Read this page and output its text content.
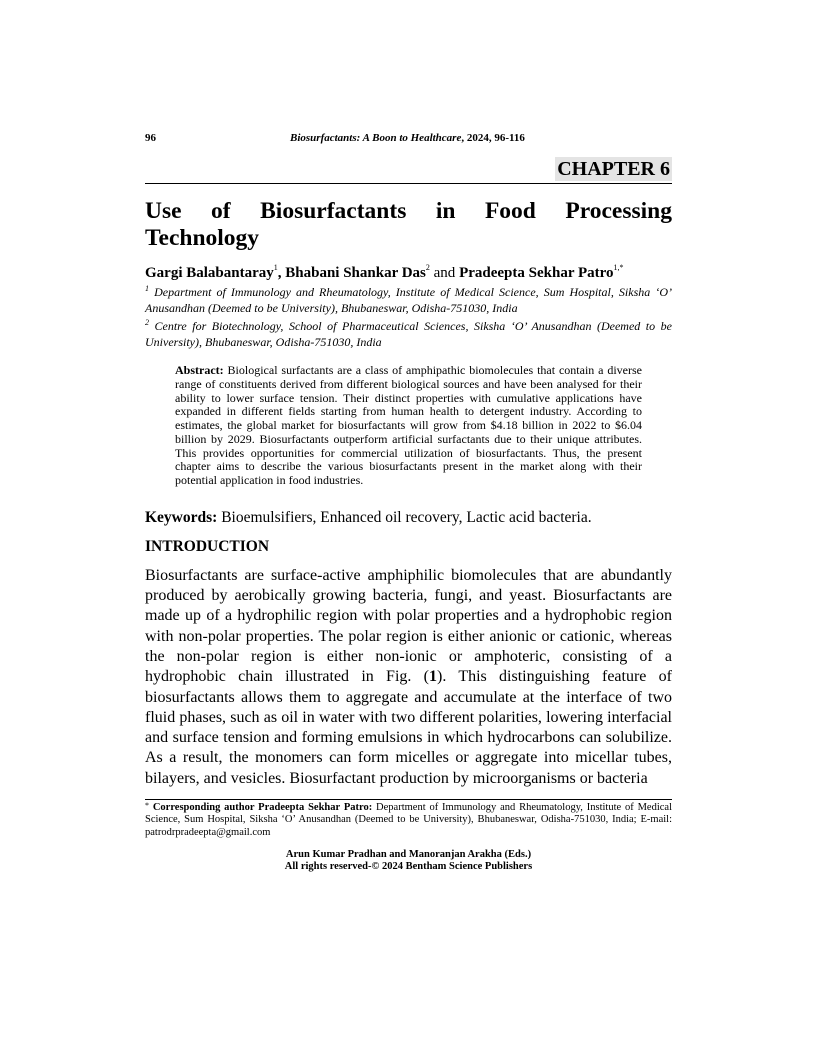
96	Biosurfactants: A Boon to Healthcare, 2024, 96-116
CHAPTER 6
Use of Biosurfactants in Food Processing Technology
Gargi Balabantaray$^1$, Bhabani Shankar Das$^2$ and Pradeepta Sekhar Patro$^{1,*}$
$^1$ Department of Immunology and Rheumatology, Institute of Medical Science, Sum Hospital, Siksha ‘O’ Anusandhan (Deemed to be University), Bhubaneswar, Odisha-751030, India
$^2$ Centre for Biotechnology, School of Pharmaceutical Sciences, Siksha ‘O’ Anusandhan (Deemed to be University), Bhubaneswar, Odisha-751030, India
Abstract: Biological surfactants are a class of amphipathic biomolecules that contain a diverse range of constituents derived from different biological sources and have been analysed for their ability to lower surface tension. Their distinct properties with cumulative applications have expanded in different fields starting from human health to detergent industry. According to estimates, the global market for biosurfactants will grow from $4.18 billion in 2022 to $6.04 billion by 2029. Biosurfactants outperform artificial surfactants due to their unique attributes. This provides opportunities for commercial utilization of biosurfactants. Thus, the present chapter aims to describe the various biosurfactants present in the market along with their potential application in food industries.
Keywords: Bioemulsifiers, Enhanced oil recovery, Lactic acid bacteria.
INTRODUCTION
Biosurfactants are surface-active amphiphilic biomolecules that are abundantly produced by aerobically growing bacteria, fungi, and yeast. Biosurfactants are made up of a hydrophilic region with polar properties and a hydrophobic region with non-polar properties. The polar region is either anionic or cationic, whereas the non-polar region is either non-ionic or amphoteric, consisting of a hydrophobic chain illustrated in Fig. (1). This distinguishing feature of biosurfactants allows them to aggregate and accumulate at the interface of two fluid phases, such as oil in water with two different polarities, lowering interfacial and surface tension and forming emulsions in which hydrocarbons can solubilize. As a result, the monomers can form micelles or aggregate into micellar tubes, bilayers, and vesicles. Biosurfactant production by microorganisms or bacteria
* Corresponding author Pradeepta Sekhar Patro: Department of Immunology and Rheumatology, Institute of Medical Science, Sum Hospital, Siksha ‘O’ Anusandhan (Deemed to be University), Bhubaneswar, Odisha-751030, India; E-mail: patrodrpradeepta@gmail.com
Arun Kumar Pradhan and Manoranjan Arakha (Eds.)
All rights reserved-© 2024 Bentham Science Publishers
